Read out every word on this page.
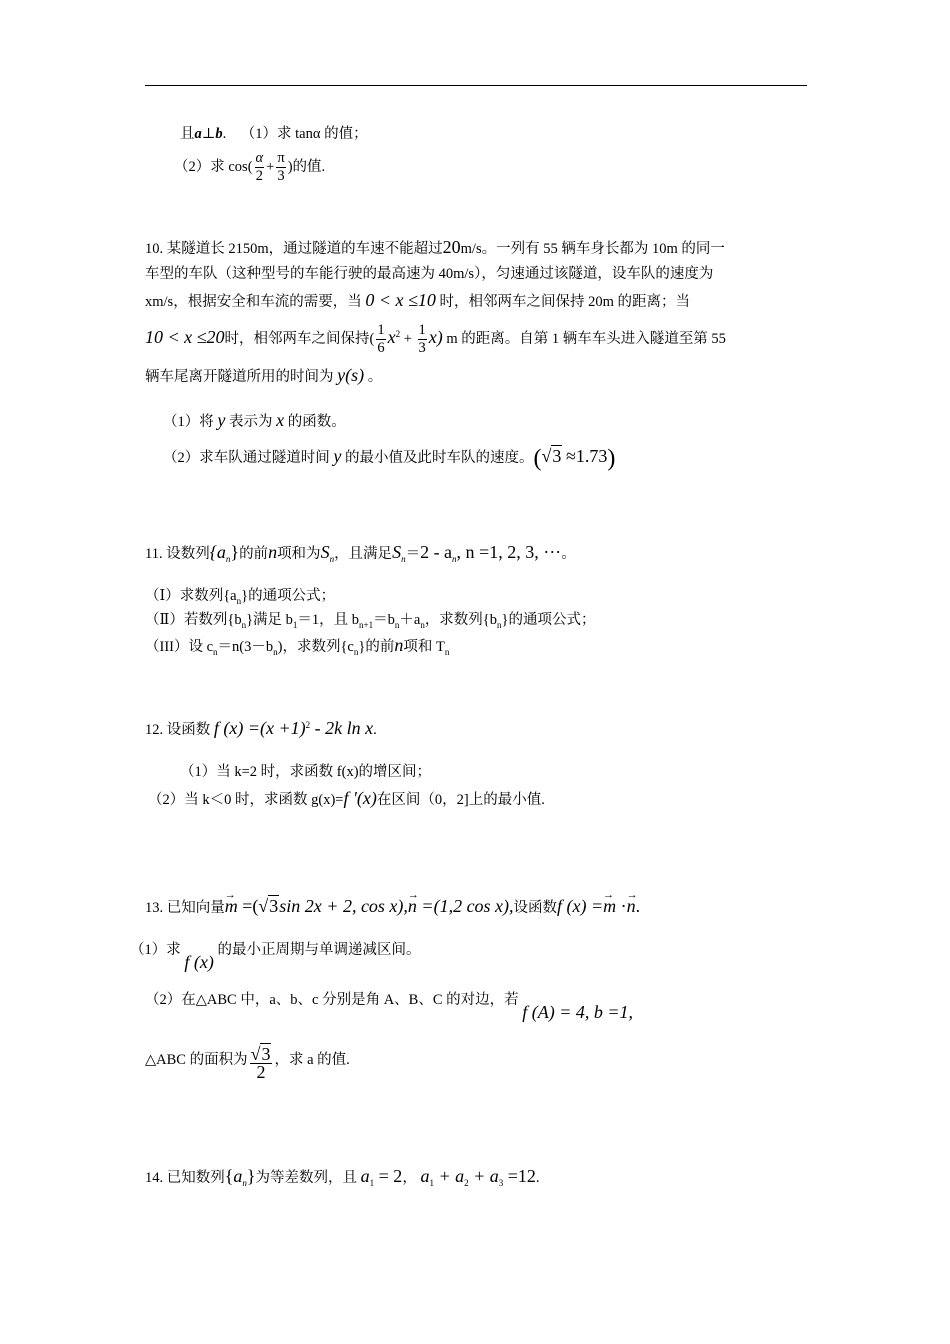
且a⊥b. （1）求 tanα 的值；
（2）求 $\cos( \frac{\alpha}{2} + \frac{\pi}{3}$ )的值.
10. 某隧道长 2150m，通过隧道的车速不能超过20m/s。一列有 55 辆车身长都为 10m 的同一
车型的车队（这种型号的车能行驶的最高速为 40m/s），匀速通过该隧道，设车队的速度为
xm/s，根据安全和车流的需要，当 0 < x ≤10 时，相邻两车之间保持 20m 的距离；当
10 < x ≤20时，相邻两车之间保持( $\frac{1}{6} x^2 + \frac{1}{3} x$) m 的距离。自第 1 辆车车头进入隧道至第 55
辆车尾离开隧道所用的时间为 y(s) 。
（1）将 y 表示为 x 的函数。
（2）求车队通过隧道时间 y 的最小值及此时车队的速度。(√3 ≈1.73)
11. 设数列$\{a_n\}$的前n项和为$S_n$，且满足$S_n=2 - a_n$, n =1, 2, 3, ···。
（Ⅰ）求数列$\{a_n\}$的通项公式；
（Ⅱ）若数列$\{b_n\}$满足 $b_1=1$，且 $b_{n+1}=b_n+a_n$，求数列$\{b_n\}$的通项公式；
（III）设 $c_n=n(3-b_n)$，求数列$\{c_n\}$的前n项和 $T_n$
12. 设函数 f $(x) =(x +1)^2 - 2k$ ln x.
（1）当 k=2 时，求函数 f(x)的增区间；
（2）当 k＜0 时，求函数 g(x)=f ′(x)在区间（0，2]上的最小值.
13. 已知向量→ m =(√3sin 2x + 2, cos x),→ n =(1,2 cos x),设函数f (x) =→ m ·→ n.
（1）求 f (x) 的最小正周期与单调递减区间。
（2）在△ABC 中，a、b、c 分别是角 A、B、C 的对边，若 f (A) = 4, b =1,
△ABC 的面积为 $\frac{√3}{2}$ ，求 a 的值.
14. 已知数列$\{a_n\}$为等差数列，且 $a_1 = 2$， $a_1 + a_2 + a_3 =12$.
